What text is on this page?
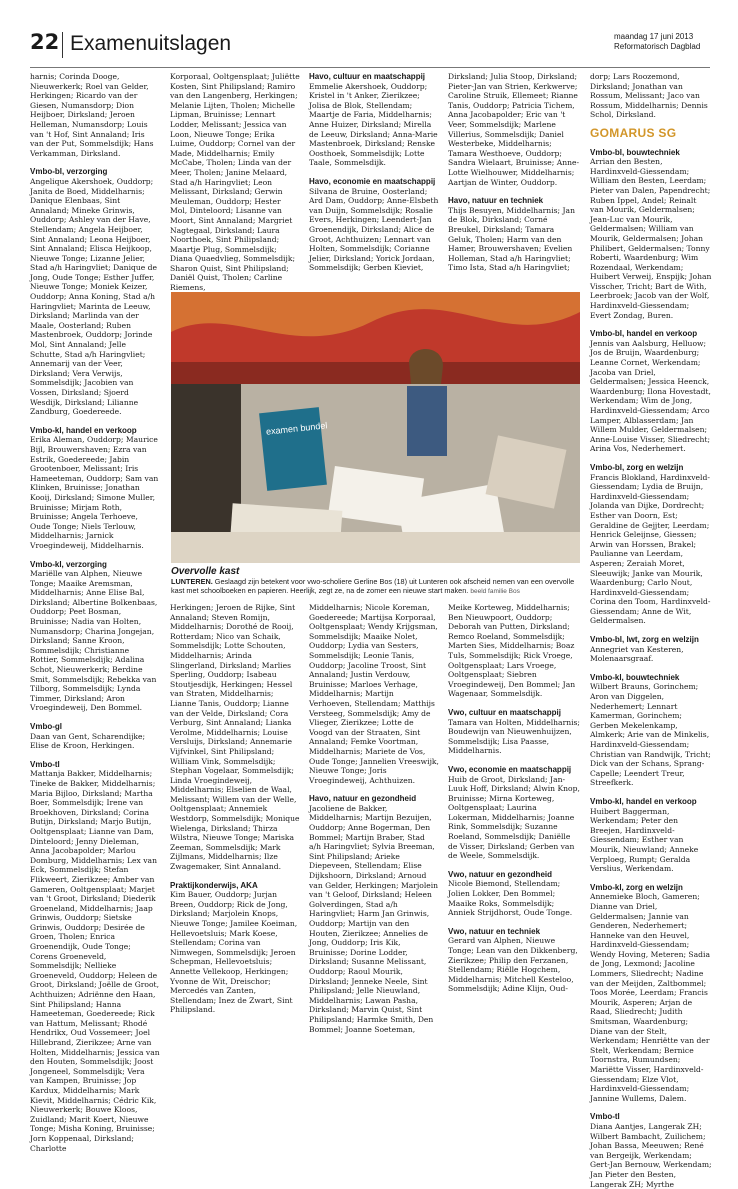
22 Examenuitslagen	maandag 17 juni 2013
Reformatorisch Dagblad

harnis; Corinda Dooge, Nieuwerkerk; Roel van Gelder, Herkingen; Ricardo van der Giesen, Numansdorp; Dion Heijboer, Dirksland; Jeroen Helleman, Numansdorp; Louis van 't Hof, Sint Annaland; Iris van der Put, Sommelsdijk; Hans Verkamman, Dirksland.

Vmbo-bl, verzorging
Angelique Akershoek, Ouddorp; Janita de Boed, Middelharnis; Danique Elenbaas, Sint Annaland; Mineke Grinwis, Ouddorp; Ashley van der Have, Stellendam; Angela Heijboer, Sint Annaland; Leona Heijboer, Sint Annaland; Elisca Heijkoop, Nieuwe Tonge; Lizanne Jelier, Stad a/h Haringvliet; Danique de Jong, Oude Tonge; Esther Juffer, Nieuwe Tonge; Moniek Keizer, Ouddorp; Anna Koning, Stad a/h Haringvliet; Marinta de Leeuw, Dirksland; Marlinda van der Maale, Oosterland; Ruben Mastenbroek, Ouddorp; Jorinde Mol, Sint Annaland; Jelle Schutte, Stad a/h Haringvliet; Annemarij van der Veer, Dirksland; Vera Verwijs, Sommelsdijk; Jacobien van Vossen, Dirksland; Sjoerd Wesdijk, Dirksland; Lilianne Zandburg, Goedereede.

Vmbo-kl, handel en verkoop
Erika Aleman, Ouddorp; Maurice Bijl, Brouwershaven; Ezra van Estrik, Goedereede; Jabin Grootenboer, Melissant; Iris Hameeteman, Ouddorp; Sam van Klinken, Bruinisse; Jonathan Kooij, Dirksland; Simone Muller, Bruinisse; Mirjam Roth, Bruinisse; Angela Terhoeve, Oude Tonge; Niels Terlouw, Middelharnis; Jarnick Vroegindeweij, Middelharnis.

Vmbo-kl, verzorging
Mariëlle van Alphen, Nieuwe Tonge; Maaike Aremsman, Middelharnis; Anne Elise Bal, Dirksland; Albertine Bolkenbaas, Ouddorp; Peet Bosman, Bruinisse; Nadia van Holten, Numansdorp; Charina Jongejan, Dirksland; Sanne Kroon, Sommelsdijk; Christianne Rottier, Sommelsdijk; Adalina Schot, Nieuwerkerk; Berdine Smit, Sommelsdijk; Rebekka van Tilborg, Sommelsdijk; Lynda Timmer, Dirksland; Aron Vroegindeweij, Den Bommel.

Vmbo-gl
Daan van Gent, Scharendijke; Elise de Kroon, Herkingen.

Vmbo-tl
Mattanja Bakker, Middelharnis; Tineke de Bakker, Middelharnis; Maria Bijloo, Dirksland; Martha Boer, Sommelsdijk; Irene van Broekhoven, Dirksland; Corina Butijn, Dirksland; Marjo Butijn, Ooltgensplaat; Lianne van Dam, Dinteloord; Jenny Dieleman, Anna Jacobapolder; Marlou Domburg, Middelharnis; Lex van Eck, Sommelsdijk; Stefan Flikweert, Zierikzee; Amber van Gameren, Ooltgensplaat; Marjet van 't Groot, Dirksland; Diederik Groeneland, Middelharnis; Jaap Grinwis, Ouddorp; Sietske Grinwis, Ouddorp; Desirée de Groen, Tholen; Enrica Groenendijk, Oude Tonge; Corens Groeneveld, Sommelsdijk; Nellieke Groeneveld, Ouddorp; Heleen de Groot, Dirksland; Joëlle de Groot, Achthuizen; Adriënne den Haan, Sint Philipsland; Hanna Hameeteman, Goedereede; Rick van Hattum, Melissant; Rhodé Hendrikx, Oud Vossemeer; Joel Hillebrand, Zierikzee; Arne van Holten, Middelharnis; Jessica van den Houten, Sommelsdijk; Joost Jongeneel, Sommelsdijk; Vera van Kampen, Bruinisse; Jop Kardux, Middelharnis; Mark Kievit, Middelharnis; Cédric Kik, Nieuwerkerk; Bouwe Kloos, Zuidland; Marit Koert, Nieuwe Tonge; Misha Koning, Bruinisse; Jorn Koppenaal, Dirksland; Charlotte

Korporaal, Ooltgensplaat; Juliëtte Kosten, Sint Philipsland; Ramiro van den Langenberg, Herkingen; Melanie Lijten, Tholen; Michelle Lipman, Bruinisse; Lennart Lodder, Melissant; Jessica van Loon, Nieuwe Tonge; Erika Luime, Ouddorp; Cornel van der Made, Middelharnis; Emily McCabe, Tholen; Linda van der Meer, Tholen; Janine Melaard, Stad a/h Haringvliet; Leon Melissant, Dirksland; Gerwin Meuleman, Ouddorp; Hester Mol, Dinteloord; Lisanne van Moort, Sint Annaland; Margriet Nagtegaal, Dirksland; Laura Noorthoek, Sint Philipsland; Maartje Plug, Sommelsdijk; Diana Quaedvlieg, Sommelsdijk; Sharon Quist, Sint Philipsland; Daniël Quist, Tholen; Carline Riemens,

Havo, cultuur en maatschappij
Emmelie Akershoek, Ouddorp; Kristel in 't Anker, Zierikzee; Jolisa de Blok, Stellendam; Maartje de Faria, Middelharnis; Anne Huizer, Dirksland; Mirella de Leeuw, Dirksland; Anna-Marie Mastenbroek, Dirksland; Renske Oosthoek, Sommelsdijk; Lotte Taale, Sommelsdijk.

Havo, economie en maatschappij
Silvana de Bruine, Oosterland; Ard Dam, Ouddorp; Anne-Elsbeth van Duijn, Sommelsdijk; Rosalie Evers, Herkingen; Leendert-Jan Groenendijk, Dirksland; Alice de Groot, Achthuizen; Lennart van Holten, Sommelsdijk; Corianne Jelier, Dirksland; Yorick Jordaan, Sommelsdijk; Gerben Kieviet,

Dirksland; Julia Stoop, Dirksland; Pieter-Jan van Strien, Kerkwerve; Caroline Struik, Ellemeet; Rianne Tanis, Ouddorp; Patricia Tichem, Anna Jacobapolder; Eric van 't Veer, Sommelsdijk; Marlene Villerius, Sommelsdijk; Daniel Westerbeke, Middelharnis; Tamara Westhoeve, Ouddorp; Sandra Wielaart, Bruinisse; Anne-Lotte Wielhouwer, Middelharnis; Aartjan de Winter, Ouddorp.

Havo, natuur en techniek
Thijs Besuyen, Middelharnis; Jan de Blok, Dirksland; Corné Breukel, Dirksland; Tamara Geluk, Tholen; Harm van den Hamer, Brouwershaven; Evelien Holleman, Stad a/h Haringvliet; Timo Ista, Stad a/h Haringvliet;

dorp; Lars Roozemond, Dirksland; Jonathan van Rossum, Melissant; Jaco van Rossum, Middelharnis; Dennis Schol, Dirksland.

GOMARUS SG

Vmbo-bl, bouwtechniek
Arrian den Besten, Hardinxveld-Giessendam; William den Besten, Leerdam; Pieter van Dalen, Papendrecht; Ruben Ippel, Andel; Reinalt van Mourik, Geldermalsen; Jean-Luc van Mourik, Geldermalsen; William van Mourik, Geldermalsen; Johan Philibert, Geldermalsen; Tonny Roberti, Waardenburg; Wim Rozendaal, Werkendam; Huibert Verweij, Enspijk; Johan Visscher, Tricht; Bart de With, Leerbroek; Jacob van der Wolf, Hardinxveld-Giessendam; Evert Zondag, Buren.

Vmbo-bl, handel en verkoop
Jennis van Aalsburg, Helluow; Jos de Bruijn, Waardenburg; Leanne Cornet, Werkendam; Jacoba van Driel, Geldermalsen; Jessica Heenck, Waardenburg; Ilona Hovestadt, Werkendam; Wim de Jong, Hardinxveld-Giessendam; Arco Lamper, Alblasserdam; Jan Willem Mulder, Geldermalsen; Anne-Louise Visser, Sliedrecht; Arina Vos, Nederhemert.

Vmbo-bl, zorg en welzijn
Francis Blokland, Hardinxveld-Giessendam; Lydia de Bruijn, Hardinxveld-Giessendam; Jolanda van Dijke, Dordrecht; Esther van Doorn, Est; Geraldine de Gejjter, Leerdam; Henrick Geleijnse, Giessen; Arwin van Horssen, Brakel; Paulianne van Leerdam, Asperen; Zeraiah Moret, Sleeuwijk; Janke van Mourik, Waardenburg; Carlo Nout, Hardinxveld-Giessendam; Corina den Toom, Hardinxveld-Giessendam; Anne de Wit, Geldermalsen.

Vmbo-bl, lwt, zorg en welzijn
Annegriet van Kesteren, Molenaarsgraaf.

Vmbo-kl, bouwtechniek
Wilbert Brauns, Gorinchem; Aron van Diggelen, Nederhemert; Lennart Kamerman, Gorinchem; Gerben Mekelenkamp, Almkerk; Arie van de Minkelis, Hardinxveld-Giessendam; Christian van Randwijk, Tricht; Dick van der Schans, Sprang-Capelle; Leendert Treur, Streefkerk.

Vmbo-kl, handel en verkoop
Huibert Baggerman, Werkendam; Peter den Breejen, Hardinxveld-Giessendam; Esther van Mourik, Nieuwland; Anneke Verploeg, Rumpt; Geralda Verslius, Werkendam.

Vmbo-kl, zorg en welzijn
Annemieke Bloch, Gameren; Dianne van Driel, Geldermalsen; Jannie van Genderen, Nederhemert; Hanneke van den Heuvel, Hardinxveld-Giessendam; Wendy Hoving, Meteren; Sadia de Jong, Lexmond; Jacoline Lommers, Sliedrecht; Nadine van der Meijden, Zaltbommel; Toos Morée, Leerdam; Francis Mourik, Asperen; Arjan de Raad, Sliedrecht; Judith Smitsman, Waardenburg; Diane van der Stelt, Werkendam; Henriëtte van der Stelt, Werkendam; Bernice Toornstra, Rumundsen; Mariëtte Visser, Hardinxveld-Giessendam; Elze Vlot, Hardinxveld-Giessendam; Jannine Wullems, Dalem.

Vmbo-tl
Diana Aantjes, Langerak ZH; Wilbert Bambacht, Zuilichem; Johan Bassa, Meeuwen; René van Bergeijk, Werkendam; Gert-Jan Bernouw, Werkendam; Jan Pieter den Besten, Langerak ZH; Myrthe

examen bundel
Overvolle kast
LUNTEREN. Geslaagd zijn betekent voor vwo-scholiere Gerline Bos (18) uit Lunteren ook afscheid nemen van een overvolle kast met schoolboeken en papieren. Heerlijk, zegt ze, na de zomer een nieuwe start maken. beeld familie Bos

Herkingen; Jeroen de Rijke, Sint Annaland; Steven Romijn, Middelharnis; Dorothé de Rooij, Rotterdam; Nico van Schaik, Sommelsdijk; Lotte Schouten, Middelharnis; Arinda Slingerland, Dirksland; Marlies Sperling, Ouddorp; Isabeau Stoutjesdijk, Herkingen; Hessel van Straten, Middelharnis; Lianne Tanis, Ouddorp; Lianne van der Velde, Dirksland; Cora Verburg, Sint Annaland; Lianka Verolme, Middelharnis; Louise Versluijs, Dirksland; Annemarie Vijfvinkel, Sint Philipsland; William Vink, Sommelsdijk; Stephan Vogelaar, Sommelsdijk; Linda Vroegindeweij, Middelharnis; Elselien de Waal, Melissant; Willem van der Welle, Ooltgensplaat; Annemiek Westdorp, Sommelsdijk; Monique Wielenga, Dirksland; Thirza Wilstra, Nieuwe Tonge; Mariska Zeeman, Sommelsdijk; Mark Zijlmans, Middelharnis; Ilze Zwagemaker, Sint Annaland.

Praktijkonderwijs, AKA
Kim Bauer, Ouddorp; Jurjan Breen, Ouddorp; Rick de Jong, Dirksland; Marjolein Knops, Nieuwe Tonge; Jamilee Koeiman, Hellevoetsluis; Mark Koese, Stellendam; Corina van Nimwegen, Sommelsdijk; Jeroen Schepman, Hellevoetsluis; Annette Vellekoop, Herkingen; Yvonne de Wit, Dreischor; Mercedés van Zanten, Stellendam; Inez de Zwart, Sint Philipsland.

Middelharnis; Nicole Koreman, Goedereede; Martijsa Korporaal, Ooltgensplaat; Wendy Krijgsman, Sommelsdijk; Maaike Nolet, Ouddorp; Lydia van Sesters, Sommelsdijk; Leonie Tanis, Ouddorp; Jacoline Troost, Sint Annaland; Justin Verdouw, Bruinisse; Marloes Verhage, Middelharnis; Martijn Verhoeven, Stellendam; Matthijs Versteeg, Sommelsdijk; Amy de Vlieger, Zierikzee; Lotte de Voogd van der Straaten, Sint Annaland; Femke Voortman, Middelharnis; Mariete de Vos, Oude Tonge; Jannelien Vreeswijk, Nieuwe Tonge; Joris Vroegindeweij, Achthuizen.

Havo, natuur en gezondheid
Jacoliene de Bakker, Middelharnis; Martijn Bezuijen, Ouddorp; Anne Bogerman, Den Bommel; Martijn Braber, Stad a/h Haringvliet; Sylvia Breeman, Sint Philipsland; Arieke Diepeveen, Stellendam; Elise Dijkshoorn, Dirksland; Arnoud van Gelder, Herkingen; Marjolein van 't Geloof, Dirksland; Heleen Golverdingen, Stad a/h Haringvliet; Harm Jan Grinwis, Ouddorp; Martijn van den Houten, Zierikzee; Annelies de Jong, Ouddorp; Iris Kik, Bruinisse; Dorine Lodder, Dirksland; Susanne Melissant, Ouddorp; Raoul Mourik, Dirksland; Jenneke Neele, Sint Philipsland; Jelle Nieuwland, Middelharnis; Lawan Pasha, Dirksland; Marvin Quist, Sint Philipsland; Harmke Smith, Den Bommel; Joanne Soeteman,

Meike Korteweg, Middelharnis; Ben Nieuwpoort, Ouddorp; Deborah van Putten, Dirksland; Remco Roeland, Sommelsdijk; Marten Sies, Middelharnis; Boaz Tuls, Sommelsdijk; Rick Vroege, Ooltgensplaat; Lars Vroege, Ooltgensplaat; Siebren Vroegindeweij, Den Bommel; Jan Wagenaar, Sommelsdijk.

Vwo, cultuur en maatschappij
Tamara van Holten, Middelharnis; Boudewijn van Nieuwenhuijzen, Sommelsdijk; Lisa Paasse, Middelharnis.

Vwo, economie en maatschappij
Huib de Groot, Dirksland; Jan-Luuk Hoff, Dirksland; Alwin Knop, Bruinisse; Mirna Korteweg, Ooltgensplaat; Laurina Lokerman, Middelharnis; Joanne Rink, Sommelsdijk; Suzanne Roeland, Sommelsdijk; Daniëlle de Visser, Dirksland; Gerben van de Weele, Sommelsdijk.

Vwo, natuur en gezondheid
Nicole Biemond, Stellendam; Jolien Lokker, Den Bommel; Maaike Roks, Sommelsdijk; Anniek Strijdhorst, Oude Tonge.

Vwo, natuur en techniek
Gerard van Alphen, Nieuwe Tonge; Lean van den Dikkenberg, Zierikzee; Philip den Ferzanen, Stellendam; Riëlle Hogchem, Middelharnis; Mitchell Kesteloo, Sommelsdijk; Adine Klijn, Oud-
